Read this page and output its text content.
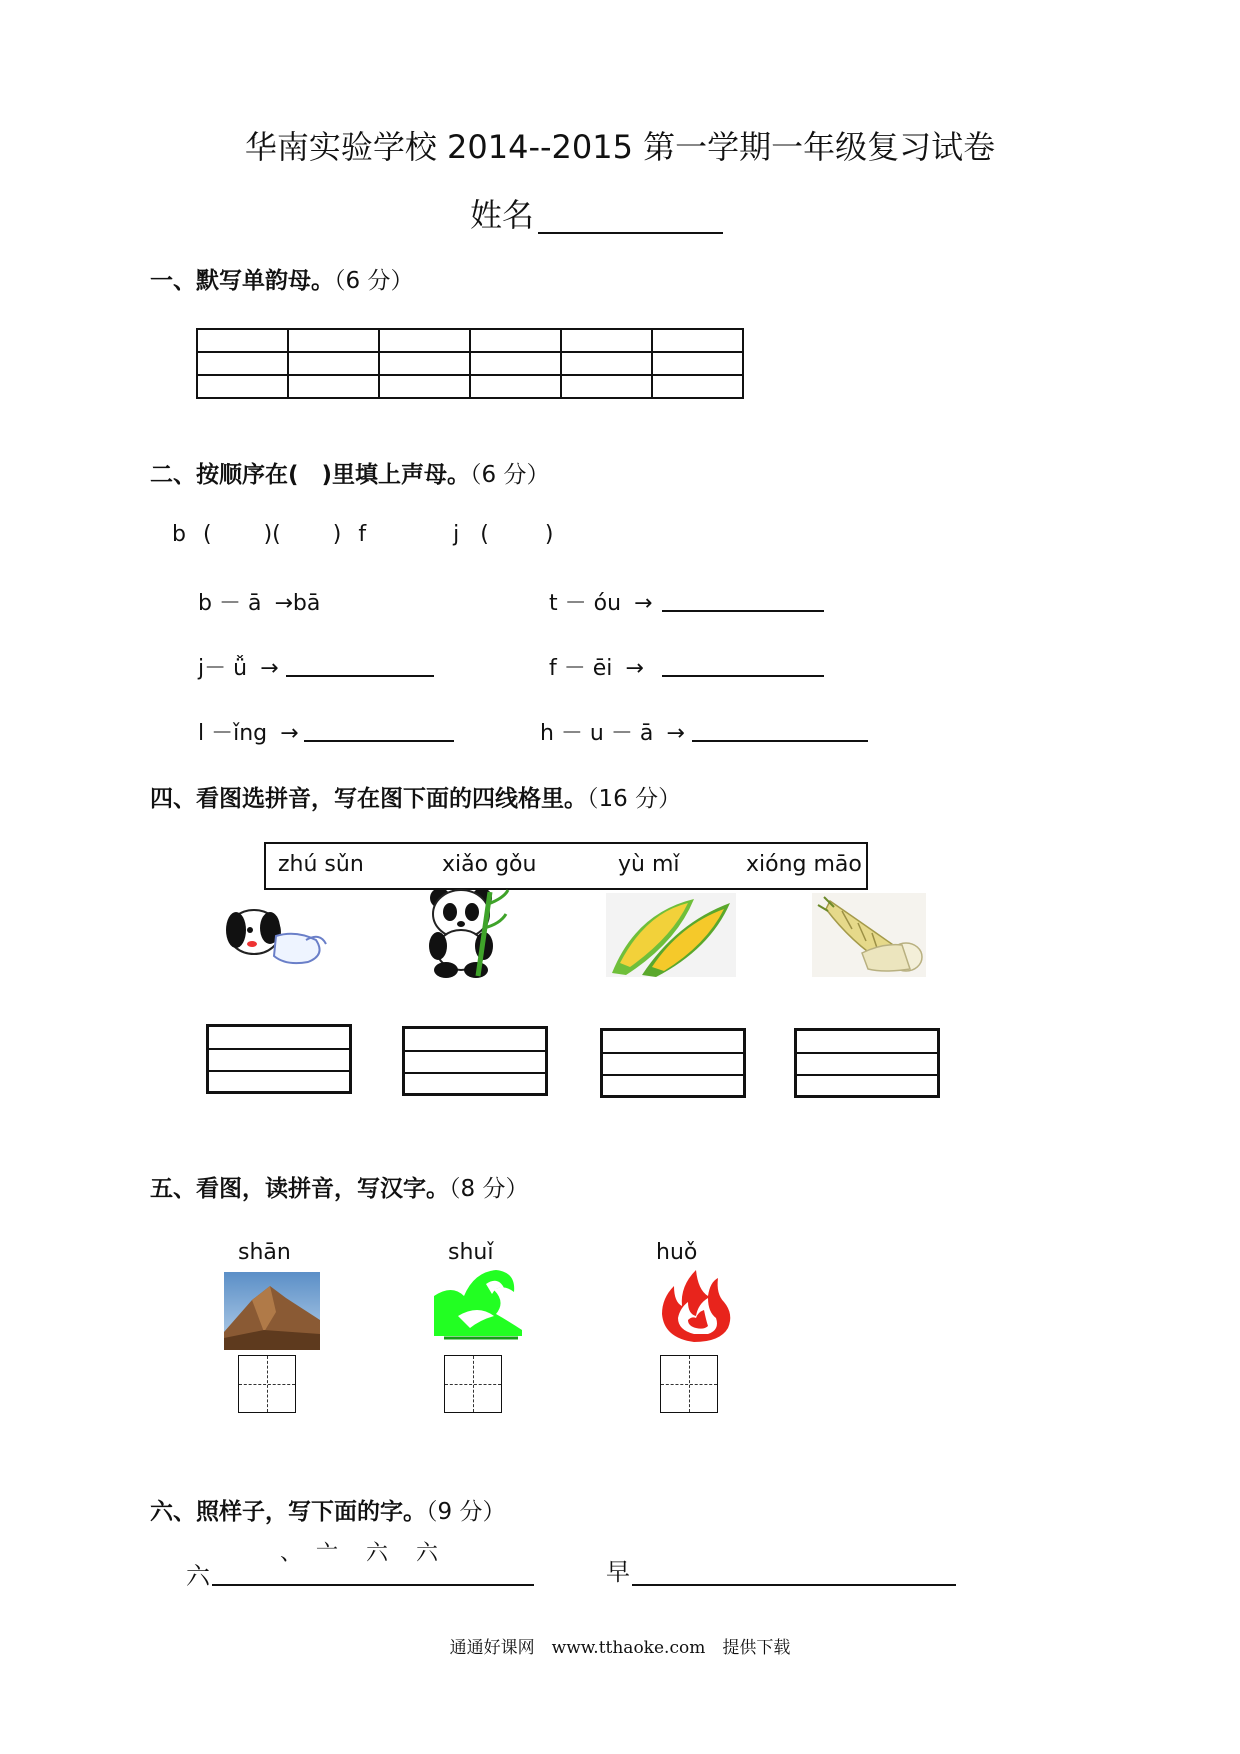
华南实验学校 2014--2015 第一学期一年级复习试卷
姓名
一、默写单韵母。（6 分）

二、按顺序在(　)里填上声母。（6 分）
b ( )( ) f	j (	)
b － ā →bā	t － óu →
j－ ǚ →	f － ēi →
l －ǐng →	h － u － ā →
四、看图选拼音，写在图下面的四线格里。（16 分）
zhú sǔn	xiǎo gǒu	yù mǐ	xióng māo
五、看图，读拼音，写汉字。（8 分）
shān	shuǐ	huǒ
六、照样子，写下面的字。（9 分）
、 亠 六 六
六	早
通通好课网　www.tthaoke.com　提供下载
